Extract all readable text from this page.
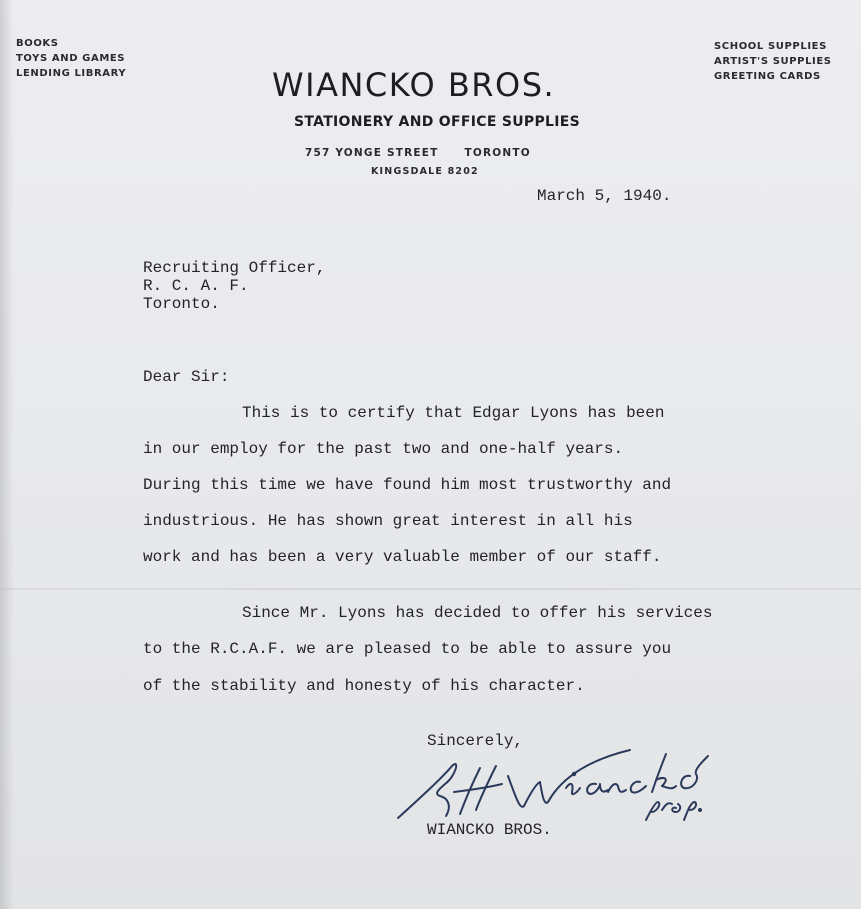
BOOKS
TOYS AND GAMES
LENDING LIBRARY
SCHOOL SUPPLIES
ARTIST'S SUPPLIES
GREETING CARDS
WIANCKO BROS.
STATIONERY AND OFFICE SUPPLIES
757 YONGE STREET TORONTO
KINGSDALE 8202
March 5, 1940.
Recruiting Officer,
R. C. A. F.
Toronto.
Dear Sir:
This is to certify that Edgar Lyons has been
in our employ for the past two and one-half years.
During this time we have found him most trustworthy and
industrious. He has shown great interest in all his
work and has been a very valuable member of our staff.
Since Mr. Lyons has decided to offer his services
to the R.C.A.F. we are pleased to be able to assure you
of the stability and honesty of his character.
Sincerely,
WIANCKO BROS.
